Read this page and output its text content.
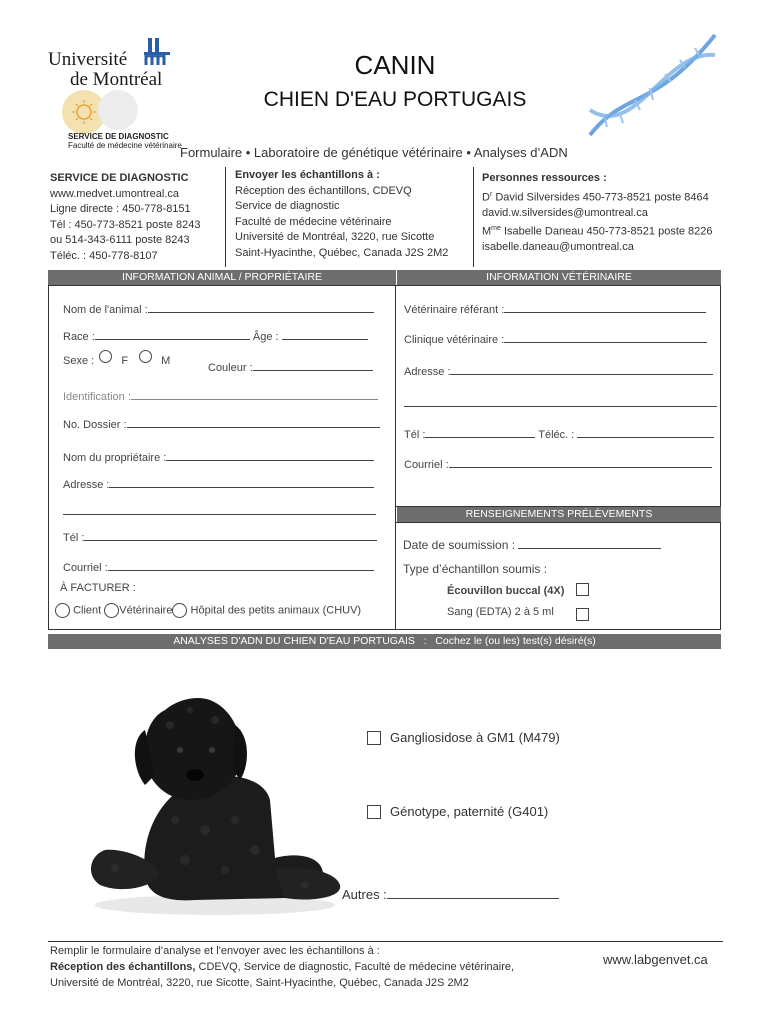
Université
de Montréal
SERVICE DE DIAGNOSTIC
Faculté de médecine vétérinaire
CANIN
CHIEN D'EAU PORTUGAIS
Formulaire • Laboratoire de génétique vétérinaire • Analyses d’ADN
SERVICE DE DIAGNOSTIC
www.medvet.umontreal.ca
Ligne directe : 450-778-8151
Tél : 450-773-8521 poste 8243
ou 514-343-6111 poste 8243
Téléc. : 450-778-8107
Envoyer les échantillons à :
Réception des échantillons, CDEVQ
Service de diagnostic
Faculté de médecine vétérinaire
Université de Montréal, 3220, rue Sicotte
Saint-Hyacinthe, Québec, Canada J2S 2M2
Personnes ressources :
$D^r$ David Silversides 450-773-8521 poste 8464
david.w.silversides@umontreal.ca
$M^{me}$ Isabelle Daneau 450-773-8521 poste 8226
isabelle.daneau@umontreal.ca
INFORMATION ANIMAL / PROPRIÉTAIRE	INFORMATION VÉTÉRINAIRE
RENSEIGNEMENTS PRÉLÈVEMENTS
Nom de l'animal :
Race :	Âge :
Sexe : F	M
Couleur :
Identification :
No. Dossier :
Nom du propriétaire :
Adresse :
Tél :
Courriel :
À FACTURER :
Client Vétérinaire Hôpital des petits animaux (CHUV)
Vétérinaire référant :
Clinique vétérinaire :
Adresse :
Tél :	Téléc. :
Courriel :
Date de soumission :
Type d’échantillon soumis :
Écouvillon buccal (4X)
Sang (EDTA) 2 à 5 ml
ANALYSES D'ADN DU CHIEN D'EAU PORTUGAIS   :   Cochez le (ou les) test(s) désiré(s)
Gangliosidose à GM1 (M479)
Génotype, paternité (G401)
Autres :
Remplir le formulaire d’analyse et l'envoyer avec les échantillons à :
Réception des échantillons, CDEVQ, Service de diagnostic, Faculté de médecine vétérinaire,
Université de Montréal, 3220, rue Sicotte, Saint-Hyacinthe, Québec, Canada J2S 2M2
www.labgenvet.ca
